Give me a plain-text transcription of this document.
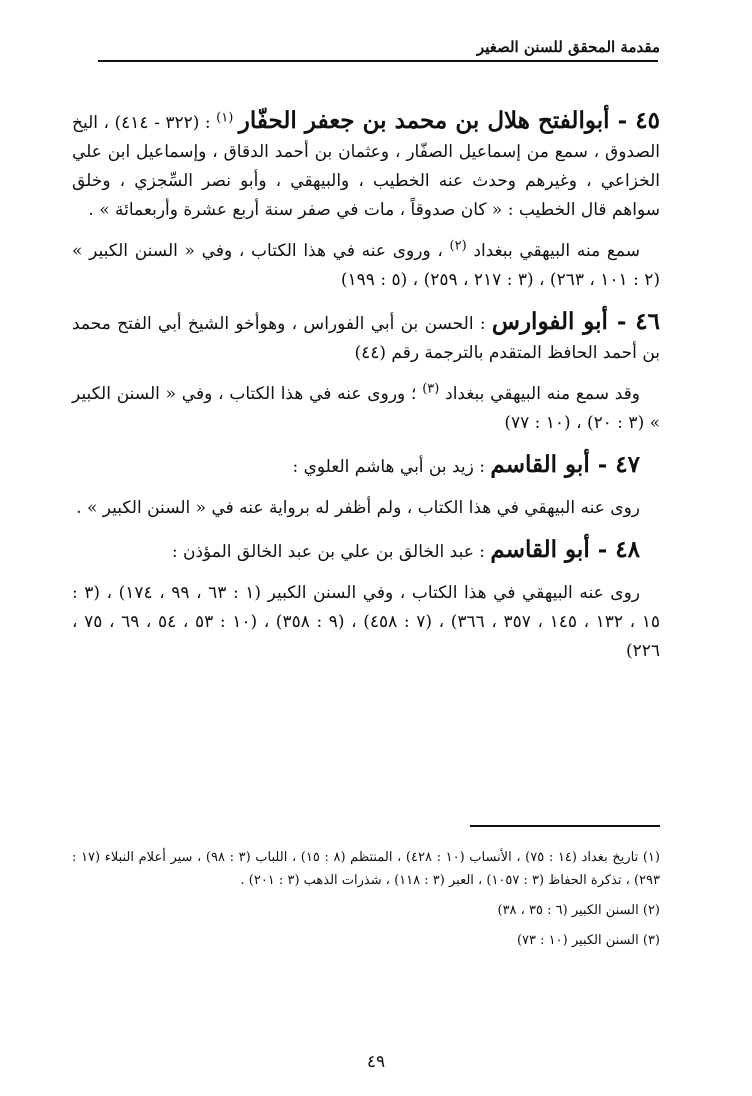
مقدمة المحقق للسنن الصغير

٤٥ - أبوالفتح هلال بن محمد بن جعفر الحفّار $^{(١)}$ : (٣٢٢ - ٤١٤) ، اليخ الصدوق ، سمع من إسماعيل الصفّار ، وعثمان بن أحمد الدقاق ، وإسماعيل ابن علي الخزاعي ، وغيرهم وحدث عنه الخطيب ، والبيهقي ، وأبو نصر السِّجزي ، وخلق سواهم قال الخطيب : « كان صدوقاً ، مات في صفر سنة أربع عشرة وأربعمائة » .

سمع منه البيهقي ببغداد $^{(٢)}$ ، وروى عنه في هذا الكتاب ، وفي « السنن الكبير » (٢ : ١٠١ ، ٢٦٣) ، (٣ : ٢١٧ ، ٢٥٩) ، (٥ : ١٩٩)

٤٦ - أبو الفوارس : الحسن بن أبي الفوراس ، وهوأخو الشيخ أبي الفتح محمد بن أحمد الحافظ المتقدم بالترجمة رقم (٤٤)

وقد سمع منه البيهقي ببغداد $^{(٣)}$ ؛ وروى عنه في هذا الكتاب ، وفي « السنن الكبير » (٣ : ٢٠) ، (١٠ : ٧٧)

٤٧ - أبو القاسم : زيد بن أبي هاشم العلوي :

روى عنه البيهقي في هذا الكتاب ، ولم أظفر له برواية عنه في « السنن الكبير » .

٤٨ - أبو القاسم : عبد الخالق بن علي بن عبد الخالق المؤذن :

روى عنه البيهقي في هذا الكتاب ، وفي السنن الكبير (١ : ٦٣ ، ٩٩ ، ١٧٤) ، (٣ : ١٥ ، ١٣٢ ، ١٤٥ ، ٣٥٧ ، ٣٦٦) ، (٧ : ٤٥٨) ، (٩ : ٣٥٨) ، (١٠ : ٥٣ ، ٥٤ ، ٦٩ ، ٧٥ ، ٢٢٦)

(١) تاريخ بغداد (١٤ : ٧٥) ، الأنساب (١٠ : ٤٢٨) ، المنتظم (٨ : ١٥) ، اللباب (٣ : ٩٨) ، سير أعلام النبلاء (١٧ : ٢٩٣) ، تذكرة الحفاظ (٣ : ١٠٥٧) ، العبر (٣ : ١١٨) ، شذرات الذهب (٣ : ٢٠١) .

(٢) السنن الكبير (٦ : ٣٥ ، ٣٨)

(٣) السنن الكبير (١٠ : ٧٣)

٤٩
